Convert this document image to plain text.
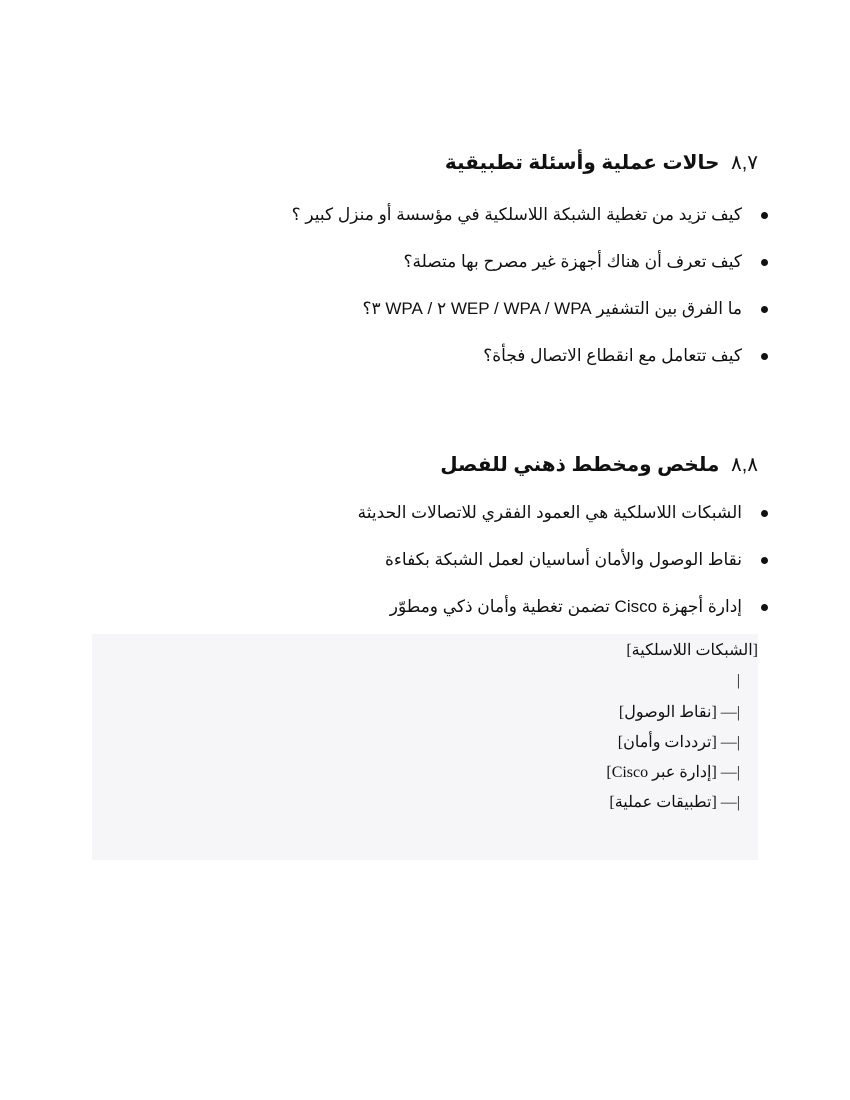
٨,٧ حالات عملية وأسئلة تطبيقية
كيف تزيد من تغطية الشبكة اللاسلكية في مؤسسة أو منزل كبير ؟
كيف تعرف أن هناك أجهزة غير مصرح بها متصلة؟
ما الفرق بين التشفير WEP / WPA / WPA ٢ / WPA ٣؟
كيف تتعامل مع انقطاع الاتصال فجأة؟
٨,٨ ملخص ومخطط ذهني للفصل
الشبكات اللاسلكية هي العمود الفقري للاتصالات الحديثة
نقاط الوصول والأمان أساسيان لعمل الشبكة بكفاءة
إدارة أجهزة Cisco تضمن تغطية وأمان ذكي ومطوّر
[الشبكات اللاسلكية]
|
|— [نقاط الوصول]
|— [ترددات وأمان]
|— [إدارة عبر Cisco]
|— [تطبيقات عملية]
